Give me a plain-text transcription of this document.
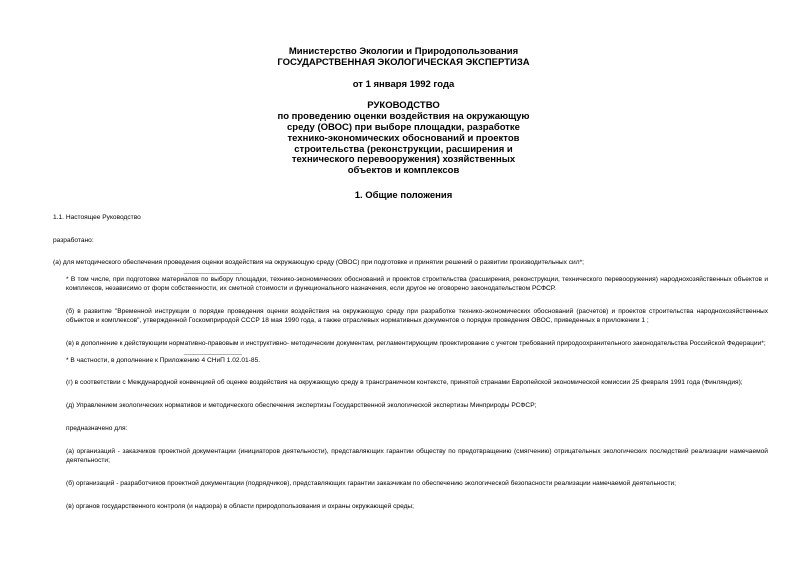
Министерство Экологии и Природопользования
ГОСУДАРСТВЕННАЯ ЭКОЛОГИЧЕСКАЯ ЭКСПЕРТИЗА
от 1 января 1992 года
РУКОВОДСТВО
по проведению оценки воздействия на окружающую
среду (ОВОС) при выборе площадки, разработке
технико-экономических обоснований и проектов
строительства (реконструкции, расширения и
технического перевооружения) хозяйственных
объектов и комплексов
1. Общие положения

1.1. Настоящее Руководство

разработано:

(а) для методического обеспечения проведения оценки воздействия на окружающую среду (ОВОС) при подготовке и принятии решений о развитии производительных сил*;

_______________

* В том числе, при подготовке материалов по выбору площадки, технико-экономических обоснований и проектов строительства (расширения, реконструкции, технического перевооружения) народнохозяйственных объектов и комплексов, независимо от форм собственности, их сметной стоимости и функционального назначения, если другое не оговорено законодательством РСФСР.

(б) в развитие "Временной инструкции о порядке проведения оценки воздействия на окружающую среду при разработке технико-экономических обоснований (расчетов) и проектов строительства народнохозяйственных объектов и комплексов", утвержденной Госкомприродой СССР 18 мая 1990 года, а также отраслевых нормативных документов о порядке проведения ОВОС, приведенных в приложении 1 ;

(в) в дополнение к действующим нормативно-правовым и инструктивно- методическим документам, регламентирующим проектирование с учетом требований природоохранительного законодательства Российской Федерации*;

_______________

* В частности, в дополнение к Приложению 4 СНиП 1.02.01-85.

(г) в соответствии с Международной конвенцией об оценке воздействия на окружающую среду в трансграничном контексте, принятой странами Европейской экономической комиссии 25 февраля 1991 года (Финляндия);

(д) Управлением экологических нормативов и методического обеспечения экспертизы Государственной экологической экспертизы Минприроды РСФСР;

предназначено для:

(а) организаций - заказчиков проектной документации (инициаторов деятельности), представляющих гарантии обществу по предотвращению (смягчению) отрицательных экологических последствий реализации намечаемой деятельности;

(б) организаций - разработчиков проектной документации (подрядчиков), представляющих гарантии заказчикам по обеспечению экологической безопасности реализации намечаемой деятельности;

(в) органов государственного контроля (и надзора) в области природопользования и охраны окружающей среды;
